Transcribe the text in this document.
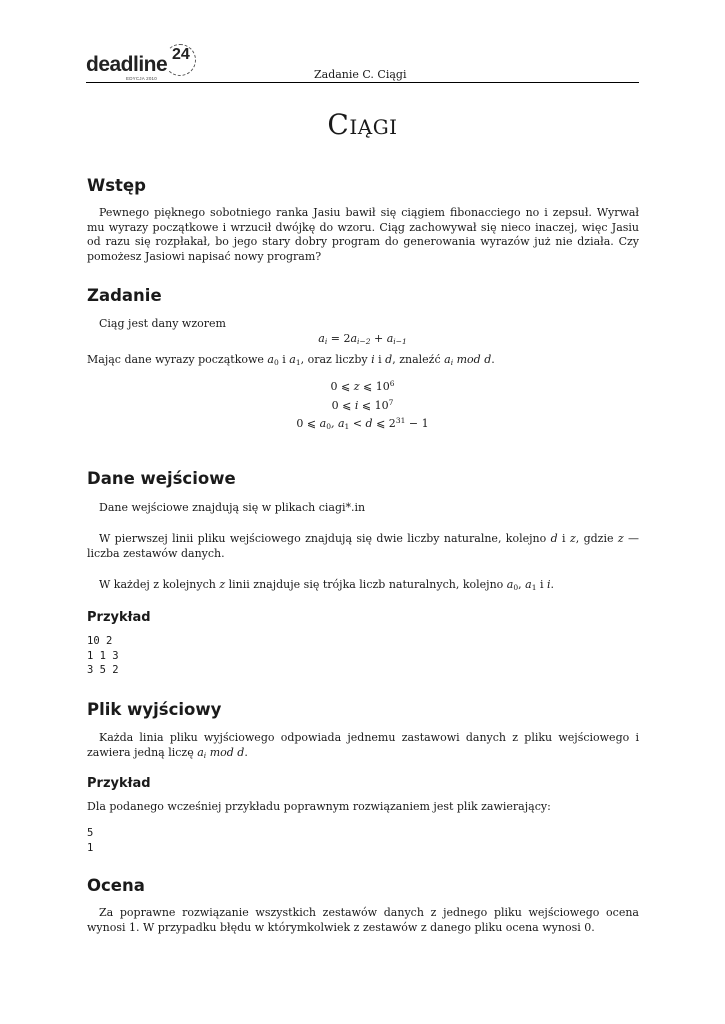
deadline 24
EDYCJA 2010	Zadanie C. Ciągi
Ciągi
Wstęp
Pewnego pięknego sobotniego ranka Jasiu bawił się ciągiem fibonacciego no i zepsuł. Wyrwał mu wyrazy początkowe i wrzucił dwójkę do wzoru. Ciąg zachowywał się nieco inaczej, więc Jasiu od razu się rozpłakał, bo jego stary dobry program do generowania wyrazów już nie działa. Czy pomożesz Jasiowi napisać nowy program?
Zadanie
Ciąg jest dany wzorem
$a_i = 2a_{i-2} + a_{i-1}$
Mając dane wyrazy początkowe $a_0$ i $a_1$, oraz liczby i i d, znaleźć $a_i$ mod d.
0 ⩽ z ⩽ $10^6$
0 ⩽ i ⩽ $10^7$
0 ⩽ $a_0$, $a_1 < d$ ⩽ $2^{31} - 1$
Dane wejściowe
Dane wejściowe znajdują się w plikach ciagi*.in
W pierwszej linii pliku wejściowego znajdują się dwie liczby naturalne, kolejno d i z, gdzie z — liczba zestawów danych.
W każdej z kolejnych z linii znajduje się trójka liczb naturalnych, kolejno $a_0$, $a_1$ i i.
Przykład
10 2
1 1 3
3 5 2
Plik wyjściowy
Każda linia pliku wyjściowego odpowiada jednemu zastawowi danych z pliku wejściowego i zawiera jedną liczę $a_i$ mod d.
Przykład
Dla podanego wcześniej przykładu poprawnym rozwiązaniem jest plik zawierający:
5
1
Ocena
Za poprawne rozwiązanie wszystkich zestawów danych z jednego pliku wejściowego ocena wynosi 1. W przypadku błędu w którymkolwiek z zestawów z danego pliku ocena wynosi 0.
